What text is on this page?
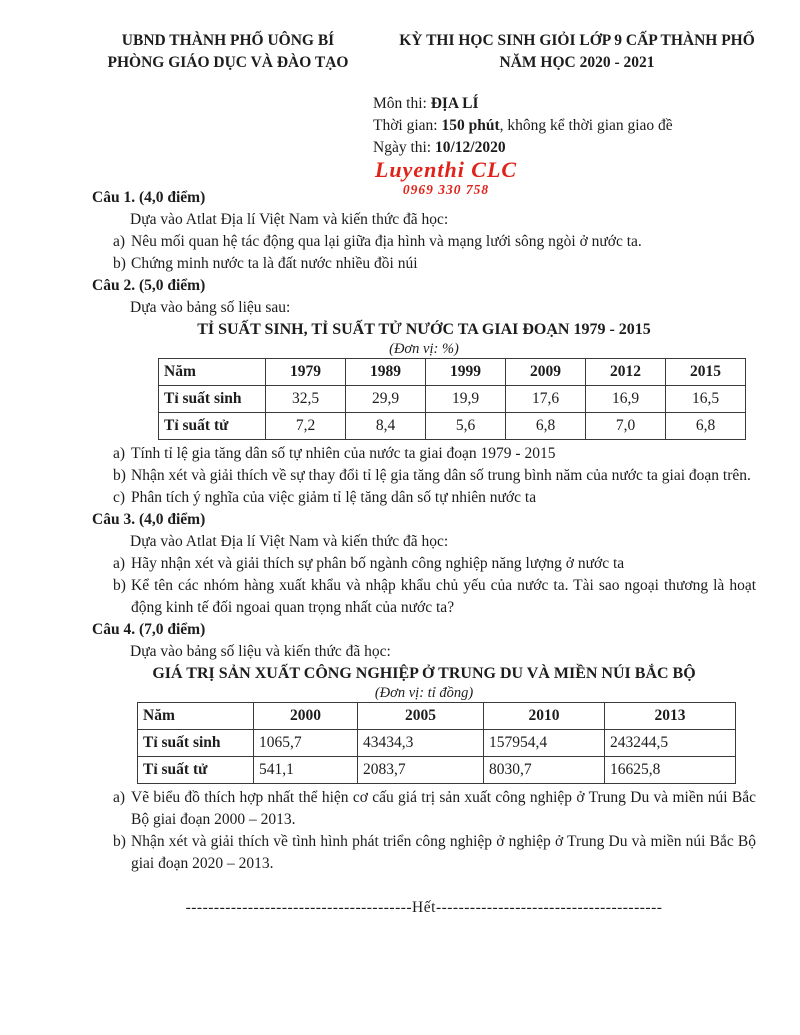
UBND THÀNH PHỐ UÔNG BÍ
PHÒNG GIÁO DỤC VÀ ĐÀO TẠO
KỲ THI HỌC SINH GIỎI LỚP 9 CẤP THÀNH PHỐ
NĂM HỌC 2020 - 2021
Môn thi: ĐỊA LÍ
Thời gian: 150 phút, không kể thời gian giao đề
Ngày thi: 10/12/2020
Luyenthi CLC
0969 330 758
Câu 1. (4,0 điểm)
Dựa vào Atlat Địa lí Việt Nam và kiến thức đã học:
a) Nêu mối quan hệ tác động qua lại giữa địa hình và mạng lưới sông ngòi ở nước ta.
b) Chứng minh nước ta là đất nước nhiều đồi núi
Câu 2. (5,0 điểm)
Dựa vào bảng số liệu sau:
TỈ SUẤT SINH, TỈ SUẤT TỬ NƯỚC TA GIAI ĐOẠN 1979 - 2015
(Đơn vị: %)
Năm	1979	1989	1999	2009	2012	2015
Tỉ suất sinh	32,5	29,9	19,9	17,6	16,9	16,5
Tỉ suất tử	7,2	8,4	5,6	6,8	7,0	6,8
a) Tính tỉ lệ gia tăng dân số tự nhiên của nước ta giai đoạn 1979 - 2015
b) Nhận xét và giải thích về sự thay đổi tỉ lệ gia tăng dân số trung bình năm của nước ta giai đoạn trên.
c) Phân tích ý nghĩa của việc giảm tỉ lệ tăng dân số tự nhiên nước ta
Câu 3. (4,0 điểm)
Dựa vào Atlat Địa lí Việt Nam và kiến thức đã học:
a) Hãy nhận xét và giải thích sự phân bố ngành công nghiệp năng lượng ở nước ta
b) Kể tên các nhóm hàng xuất khẩu và nhập khẩu chủ yếu của nước ta. Tài sao ngoại thương là hoạt động kinh tế đối ngoai quan trọng nhất của nước ta?
Câu 4. (7,0 điểm)
Dựa vào bảng số liệu và kiến thức đã học:
GIÁ TRỊ SẢN XUẤT CÔNG NGHIỆP Ở TRUNG DU VÀ MIỀN NÚI BẮC BỘ
(Đơn vị: tỉ đồng)
Năm	2000	2005	2010	2013
Tỉ suất sinh	1065,7	43434,3	157954,4	243244,5
Tỉ suất tử	541,1	2083,7	8030,7	16625,8
a) Vẽ biểu đồ thích hợp nhất thể hiện cơ cấu giá trị sản xuất công nghiệp ở Trung Du và miền núi Bắc Bộ giai đoạn 2000 – 2013.
b) Nhận xét và giải thích về tình hình phát triển công nghiệp ở nghiệp ở Trung Du và miền núi Bắc Bộ giai đoạn 2020 – 2013.
----------------------------------------Hết----------------------------------------
